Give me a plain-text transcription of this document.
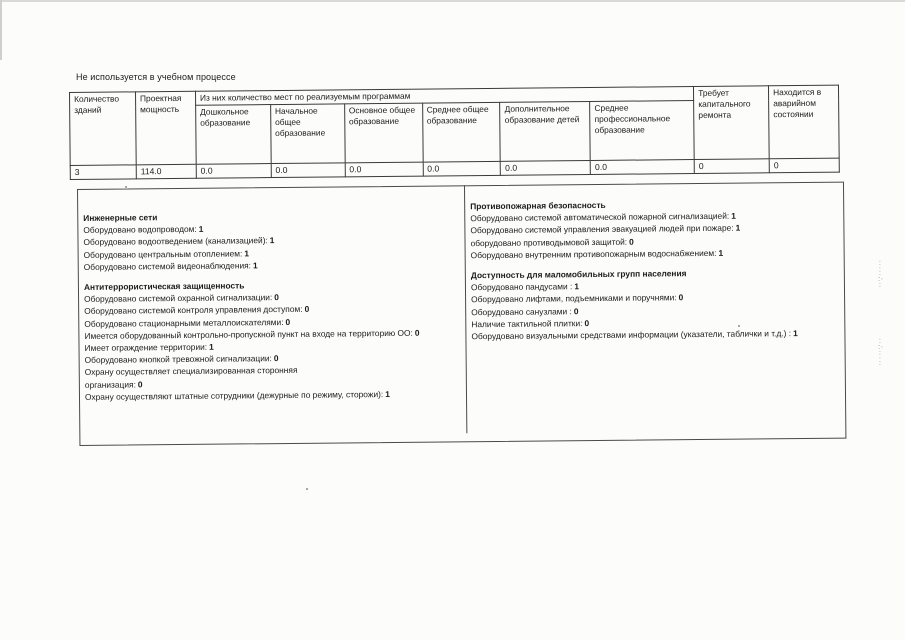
Не используется в учебном процессе
Количество зданий	Проектная мощность	Из них количество мест по реализуемым программам						Требует капитального ремонта	Находится в аварийном состоянии
		Дошкольное образование	Начальное общее образование	Основное общее образование	Среднее общее образование	Дополнительное образование детей	Среднее профессиональное образование		
3	114.0	0.0	0.0	0.0	0.0	0.0	0.0	0	0
Инженерные сети
Оборудовано водопроводом: 1
Оборудовано водоотведением (канализацией): 1
Оборудовано центральным отоплением: 1
Оборудовано системой видеонаблюдения: 1
Антитеррористическая защищенность
Оборудовано системой охранной сигнализации: 0
Оборудовано системой контроля управления доступом: 0
Оборудовано стационарными металлоискателями: 0
Имеется оборудованный контрольно-пропускной пункт на входе на территорию ОО: 0
Имеет ограждение территории: 1
Оборудовано кнопкой тревожной сигнализации: 0
Охрану осуществляет специализированная сторонняя организация: 0
Охрану осуществляют штатные сотрудники (дежурные по режиму, сторожи): 1
Противопожарная безопасность
Оборудовано системой автоматической пожарной сигнализацией: 1
Оборудовано системой управления эвакуацией людей при пожаре: 1
оборудовано противодымовой защитой: 0
Оборудовано внутренним противопожарным водоснабжением: 1
Доступность для маломобильных групп населения
Оборудовано пандусами : 1
Оборудовано лифтами, подъемниками и поручнями: 0
Оборудовано санузлами : 0
Наличие тактильной плитки: 0
Оборудовано визуальными средствами информации (указатели, таблички и т.д.) : 1
·····∴··
··∴·····
